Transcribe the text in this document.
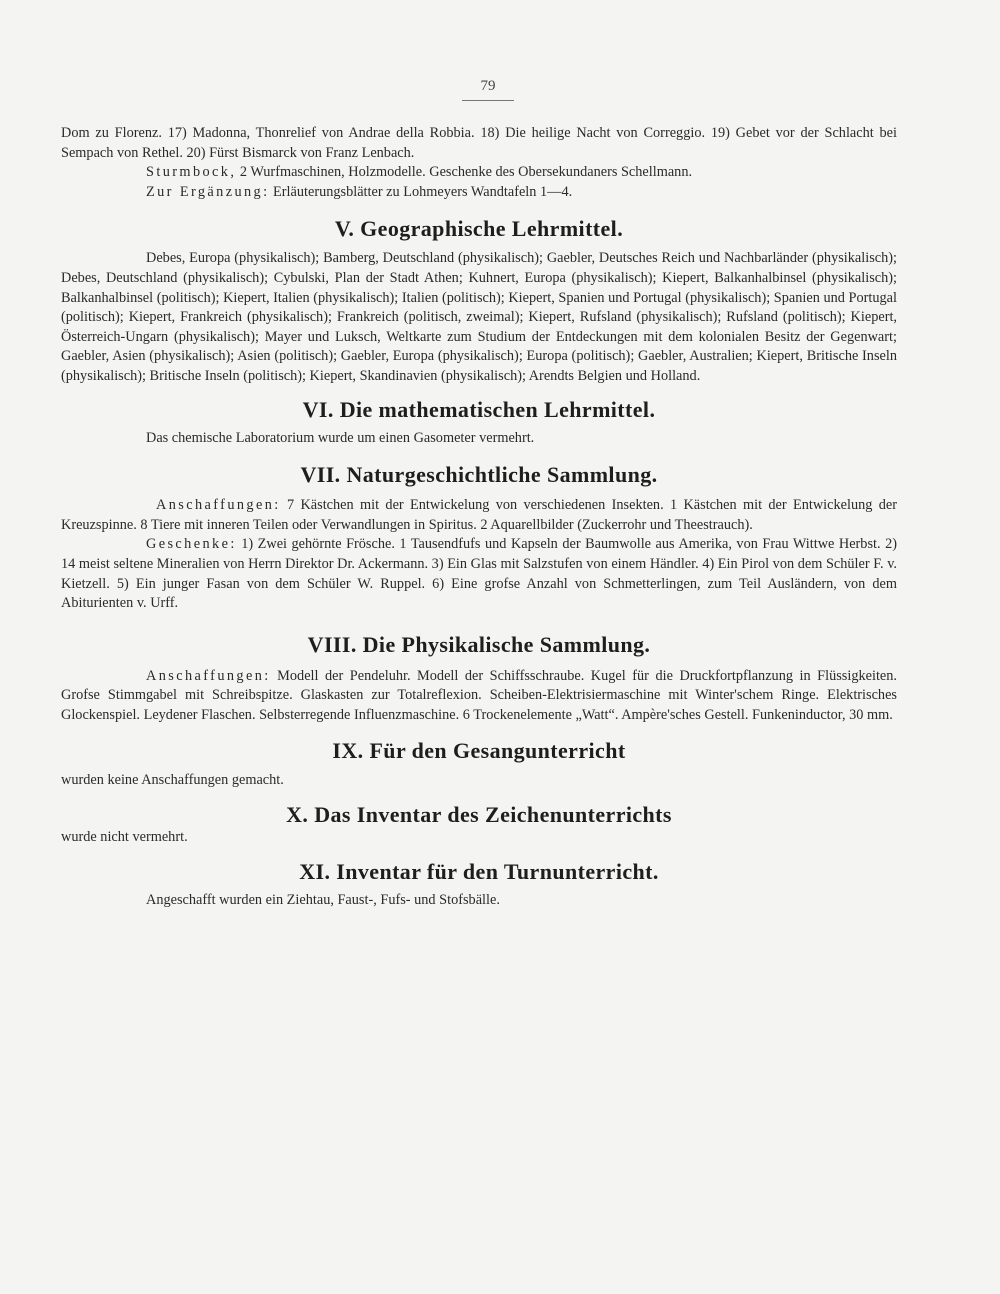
79

Dom zu Florenz. 17) Madonna, Thonrelief von Andrae della Robbia. 18) Die heilige Nacht von Correggio. 19) Gebet vor der Schlacht bei Sempach von Rethel. 20) Fürst Bismarck von Franz Lenbach.

Sturmbock, 2 Wurfmaschinen, Holzmodelle. Geschenke des Obersekundaners Schellmann.

Zur Ergänzung: Erläuterungsblätter zu Lohmeyers Wandtafeln 1—4.

V. Geographische Lehrmittel.

Debes, Europa (physikalisch); Bamberg, Deutschland (physikalisch); Gaebler, Deutsches Reich und Nachbarländer (physikalisch); Debes, Deutschland (physikalisch); Cybulski, Plan der Stadt Athen; Kuhnert, Europa (physikalisch); Kiepert, Balkanhalbinsel (physikalisch); Balkanhalbinsel (politisch); Kiepert, Italien (physikalisch); Italien (politisch); Kiepert, Spanien und Portugal (physikalisch); Spanien und Portugal (politisch); Kiepert, Frankreich (physikalisch); Frankreich (politisch, zweimal); Kiepert, Rufsland (physikalisch); Rufsland (politisch); Kiepert, Österreich-Ungarn (physikalisch); Mayer und Luksch, Weltkarte zum Studium der Entdeckungen mit dem kolonialen Besitz der Gegenwart; Gaebler, Asien (physikalisch); Asien (politisch); Gaebler, Europa (physikalisch); Europa (politisch); Gaebler, Australien; Kiepert, Britische Inseln (physikalisch); Britische Inseln (politisch); Kiepert, Skandinavien (physikalisch); Arendts Belgien und Holland.

VI. Die mathematischen Lehrmittel.

Das chemische Laboratorium wurde um einen Gasometer vermehrt.

VII. Naturgeschichtliche Sammlung.

Anschaffungen: 7 Kästchen mit der Entwickelung von verschiedenen Insekten. 1 Kästchen mit der Entwickelung der Kreuzspinne. 8 Tiere mit inneren Teilen oder Verwandlungen in Spiritus. 2 Aquarellbilder (Zuckerrohr und Theestrauch).

Geschenke: 1) Zwei gehörnte Frösche. 1 Tausendfufs und Kapseln der Baumwolle aus Amerika, von Frau Wittwe Herbst. 2) 14 meist seltene Mineralien von Herrn Direktor Dr. Ackermann. 3) Ein Glas mit Salzstufen von einem Händler. 4) Ein Pirol von dem Schüler F. v. Kietzell. 5) Ein junger Fasan von dem Schüler W. Ruppel. 6) Eine grofse Anzahl von Schmetterlingen, zum Teil Ausländern, von dem Abiturienten v. Urff.

VIII. Die Physikalische Sammlung.

Anschaffungen: Modell der Pendeluhr. Modell der Schiffsschraube. Kugel für die Druckfortpflanzung in Flüssigkeiten. Grofse Stimmgabel mit Schreibspitze. Glaskasten zur Totalreflexion. Scheiben-Elektrisiermaschine mit Winter'schem Ringe. Elektrisches Glockenspiel. Leydener Flaschen. Selbsterregende Influenzmaschine. 6 Trockenelemente „Watt“. Ampère'sches Gestell. Funkeninductor, 30 mm.

IX. Für den Gesangunterricht

wurden keine Anschaffungen gemacht.

X. Das Inventar des Zeichenunterrichts

wurde nicht vermehrt.

XI. Inventar für den Turnunterricht.

Angeschafft wurden ein Ziehtau, Faust-, Fufs- und Stofsbälle.
